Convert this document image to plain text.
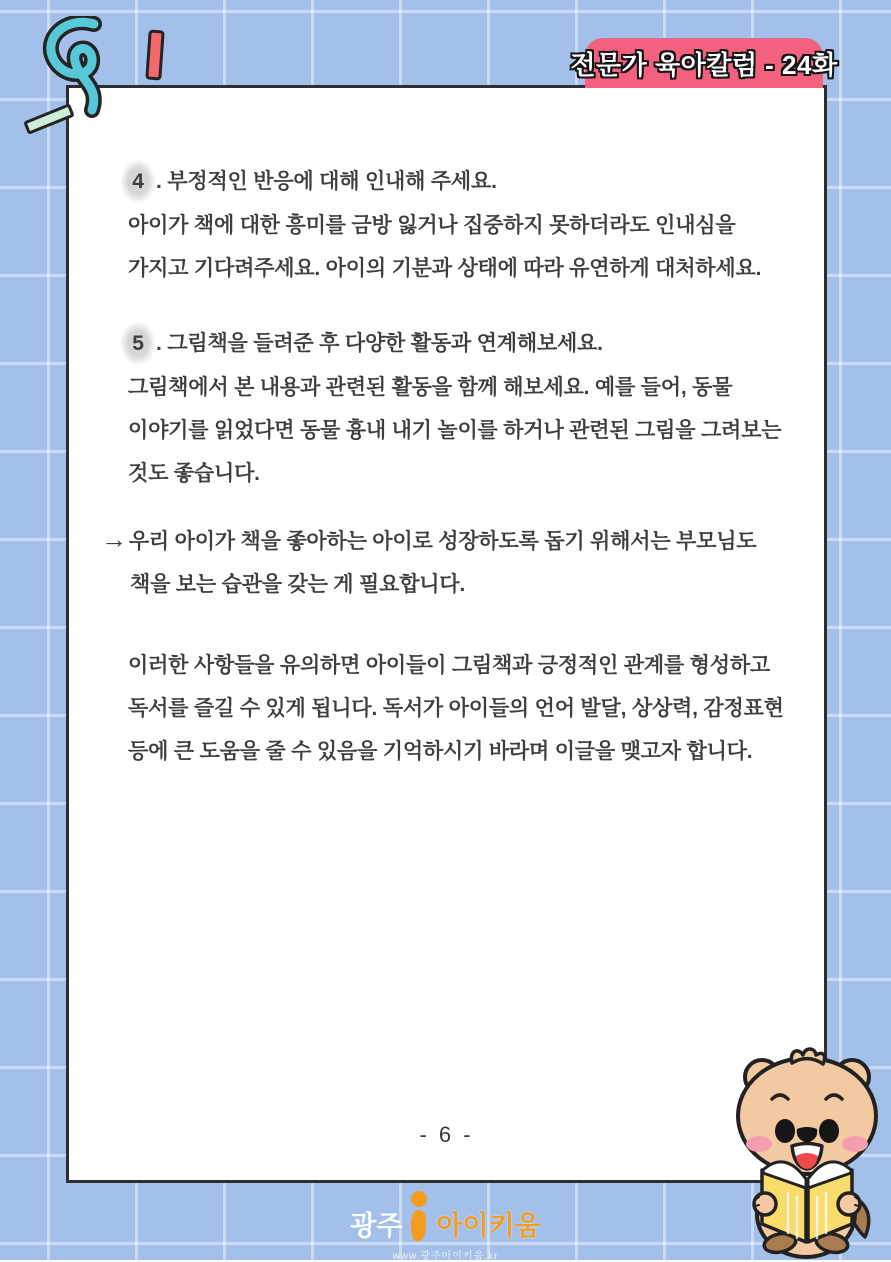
전문가 육아칼럼 - 24화
4 . 부정적인 반응에 대해 인내해 주세요.
아이가 책에 대한 흥미를 금방 잃거나 집중하지 못하더라도 인내심을
가지고 기다려주세요. 아이의 기분과 상태에 따라 유연하게 대처하세요.
5 . 그림책을 들려준 후 다양한 활동과 연계해보세요.
그림책에서 본 내용과 관련된 활동을 함께 해보세요. 예를 들어, 동물
이야기를 읽었다면 동물 흉내 내기 놀이를 하거나 관련된 그림을 그려보는
것도 좋습니다.
→우리 아이가 책을 좋아하는 아이로 성장하도록 돕기 위해서는 부모님도
책을 보는 습관을 갖는 게 필요합니다.
이러한 사항들을 유의하면 아이들이 그림책과 긍정적인 관계를 형성하고
독서를 즐길 수 있게 됩니다. 독서가 아이들의 언어 발달, 상상력, 감정표현
등에 큰 도움을 줄 수 있음을 기억하시기 바라며 이글을 맺고자 합니다.
- 6 -
광주 아이키움
www.광주아이키움.kr
